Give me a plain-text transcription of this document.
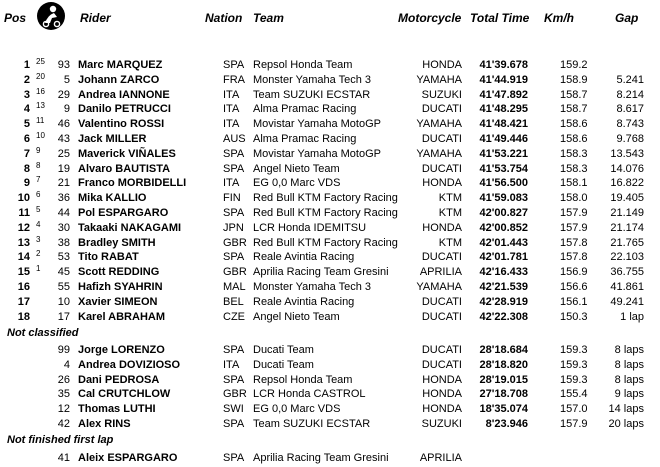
Pos	Rider	Nation Team	Motorcycle Total Time Km/h	Gap
1 25	93 Marc MARQUEZ	SPA Repsol Honda Team	HONDA	41'39.678	159.2
2 20	5 Johann ZARCO	FRA Monster Yamaha Tech 3	YAMAHA	41'44.919	158.9	5.241
3 16	29 Andrea IANNONE	ITA Team SUZUKI ECSTAR	SUZUKI	41'47.892	158.7	8.214
4 13	9 Danilo PETRUCCI	ITA Alma Pramac Racing	DUCATI	41'48.295	158.7	8.617
5 11	46 Valentino ROSSI	ITA Movistar Yamaha MotoGP	YAMAHA	41'48.421	158.6	8.743
6 10	43 Jack MILLER	AUS Alma Pramac Racing	DUCATI	41'49.446	158.6	9.768
7 9	25 Maverick VIÑALES	SPA Movistar Yamaha MotoGP	YAMAHA	41'53.221	158.3	13.543
8 8	19 Alvaro BAUTISTA	SPA Angel Nieto Team	DUCATI	41'53.754	158.3	14.076
9 7	21 Franco MORBIDELLI	ITA EG 0,0 Marc VDS	HONDA	41'56.500	158.1	16.822
10 6	36 Mika KALLIO	FIN Red Bull KTM Factory Racing	KTM	41'59.083	158.0	19.405
11 5	44 Pol ESPARGARO	SPA Red Bull KTM Factory Racing	KTM	42'00.827	157.9	21.149
12 4	30 Takaaki NAKAGAMI	JPN LCR Honda IDEMITSU	HONDA	42'00.852	157.9	21.174
13 3	38 Bradley SMITH	GBR Red Bull KTM Factory Racing	KTM	42'01.443	157.8	21.765
14 2	53 Tito RABAT	SPA Reale Avintia Racing	DUCATI	42'01.781	157.8	22.103
15 1	45 Scott REDDING	GBR Aprilia Racing Team Gresini	APRILIA	42'16.433	156.9	36.755
16	55 Hafizh SYAHRIN	MAL Monster Yamaha Tech 3	YAMAHA	42'21.539	156.6	41.861
17	10 Xavier SIMEON	BEL Reale Avintia Racing	DUCATI	42'28.919	156.1	49.241
18	17 Karel ABRAHAM	CZE Angel Nieto Team	DUCATI	42'22.308	150.3	1 lap
Not classified
99 Jorge LORENZO	SPA Ducati Team	DUCATI	28'18.684	159.3	8 laps
4 Andrea DOVIZIOSO	ITA Ducati Team	DUCATI	28'18.820	159.3	8 laps
26 Dani PEDROSA	SPA Repsol Honda Team	HONDA	28'19.015	159.3	8 laps
35 Cal CRUTCHLOW	GBR LCR Honda CASTROL	HONDA	27'18.708	155.4	9 laps
12 Thomas LUTHI	SWI EG 0,0 Marc VDS	HONDA	18'35.074	157.0	14 laps
42 Alex RINS	SPA Team SUZUKI ECSTAR	SUZUKI	8'23.946	157.9	20 laps
Not finished first lap
41 Aleix ESPARGARO	SPA Aprilia Racing Team Gresini	APRILIA
